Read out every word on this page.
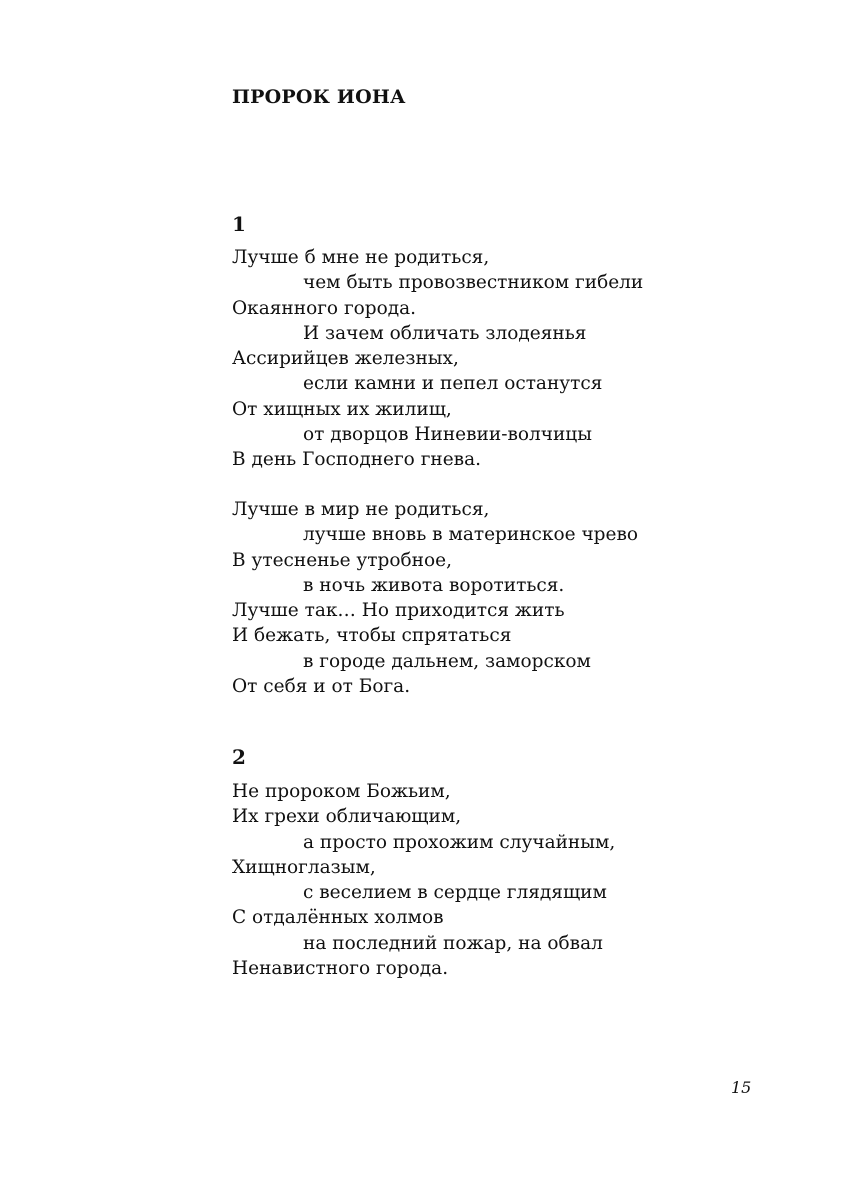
ПРОРОК ИОНА
1
Лучше б мне не родиться,
чем быть провозвестником гибели
Окаянного города.
И зачем обличать злодеянья
Ассирийцев железных,
если камни и пепел останутся
От хищных их жилищ,
от дворцов Ниневии-волчицы
В день Господнего гнева.
Лучше в мир не родиться,
лучше вновь в материнское чрево
В утесненье утробное,
в ночь живота воротиться.
Лучше так… Но приходится жить
И бежать, чтобы спрятаться
в городе дальнем, заморском
От себя и от Бога.
2
Не пророком Божьим,
Их грехи обличающим,
а просто прохожим случайным,
Хищноглазым,
с веселием в сердце глядящим
С отдалённых холмов
на последний пожар, на обвал
Ненавистного города.
15
